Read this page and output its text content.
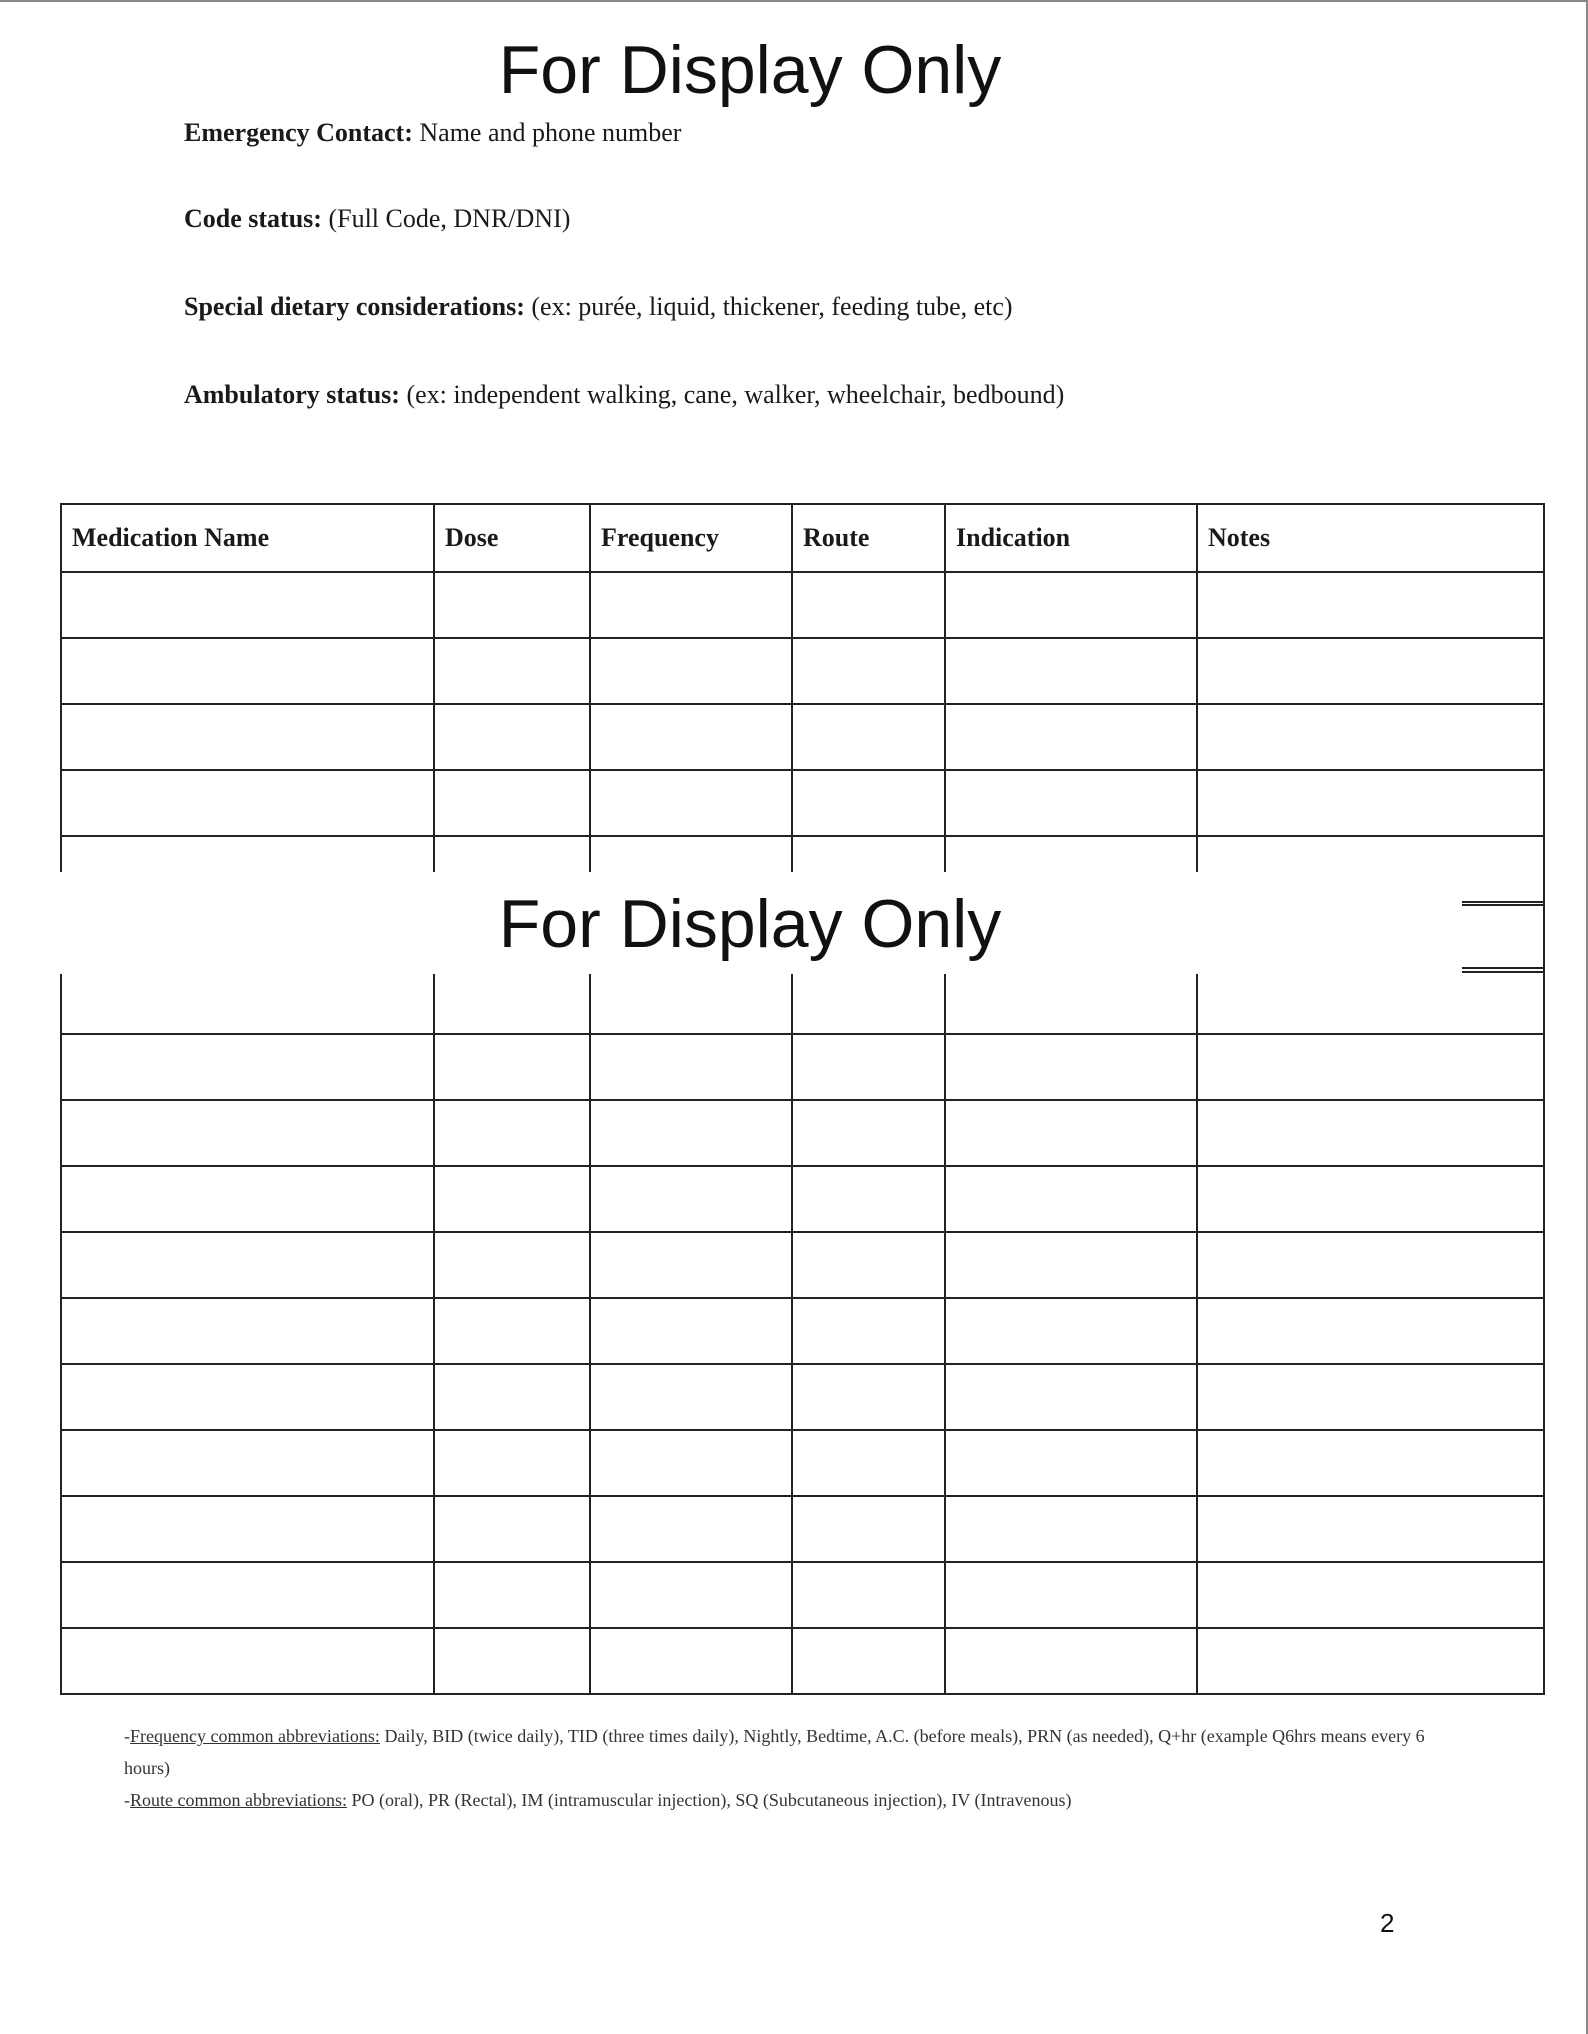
For Display Only
Emergency Contact: Name and phone number
Code status: (Full Code, DNR/DNI)
Special dietary considerations: (ex: purée, liquid, thickener, feeding tube, etc)
Ambulatory status: (ex: independent walking, cane, walker, wheelchair, bedbound)
Medication Name	Dose	Frequency	Route	Indication	Notes

For Display Only
-Frequency common abbreviations: Daily, BID (twice daily), TID (three times daily), Nightly, Bedtime, A.C. (before meals), PRN (as needed), Q+hr (example Q6hrs means every 6 hours)
-Route common abbreviations: PO (oral), PR (Rectal), IM (intramuscular injection), SQ (Subcutaneous injection), IV (Intravenous)
2
